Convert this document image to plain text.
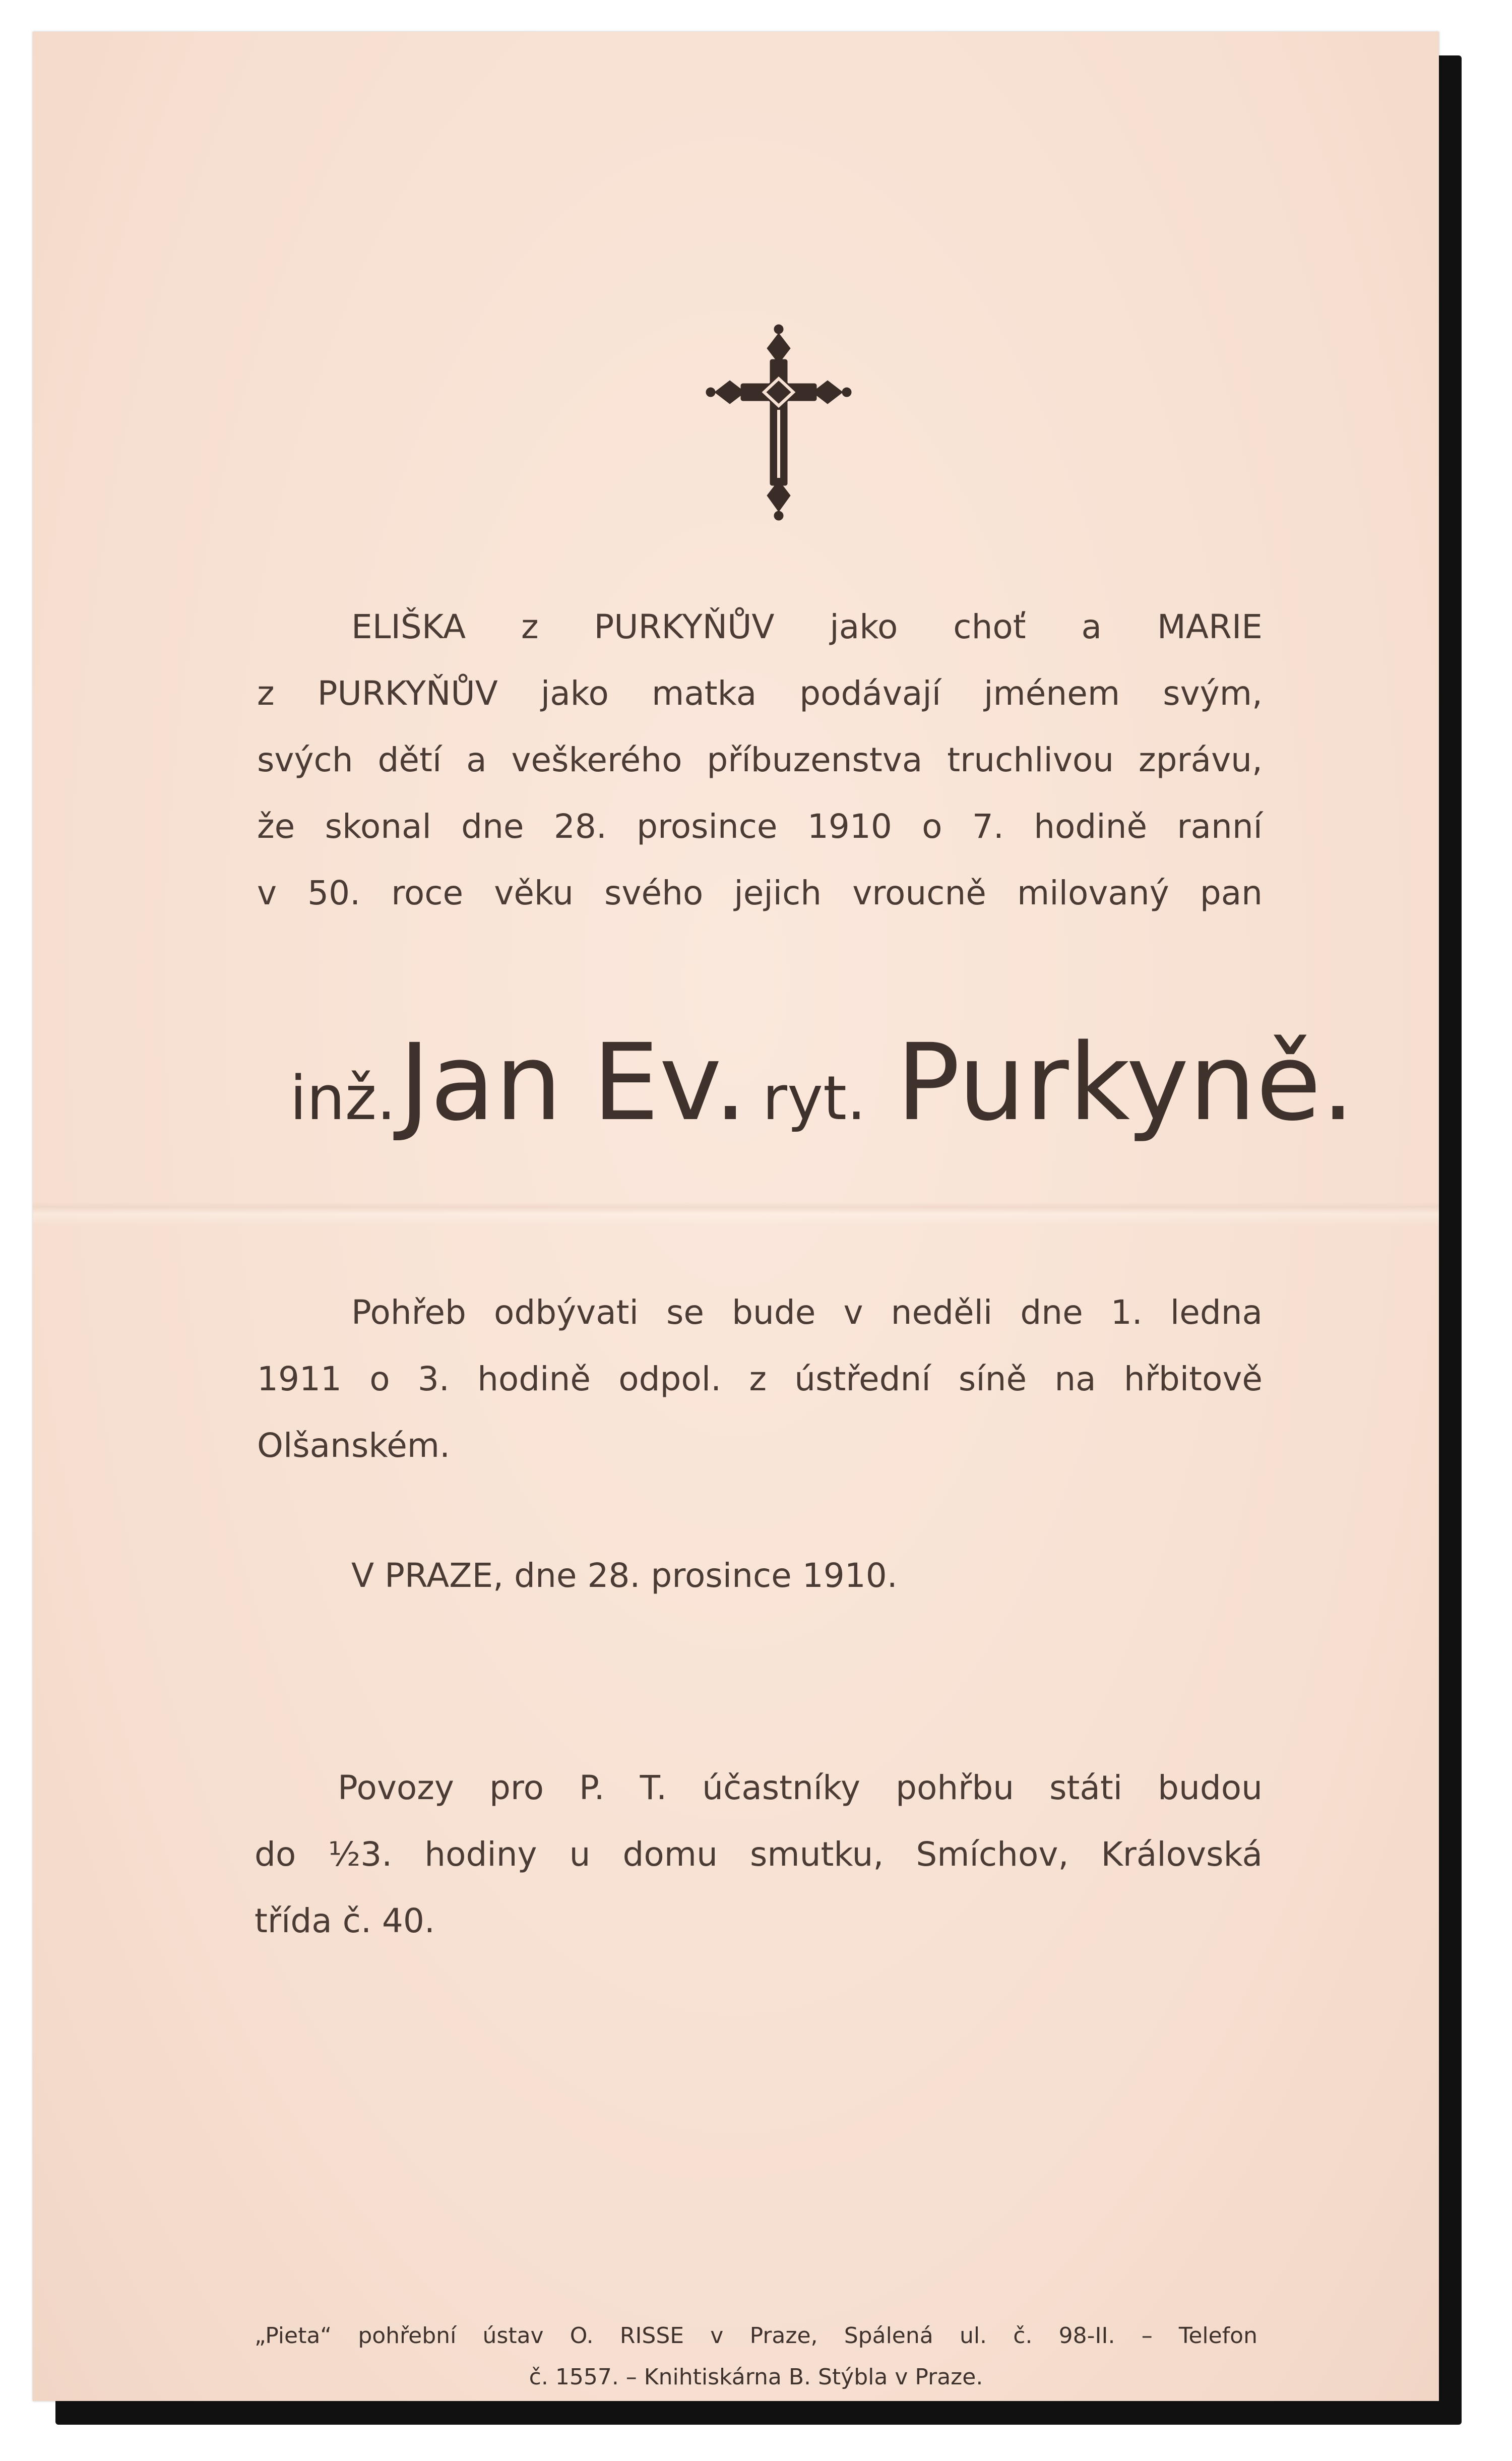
ELIŠKA z PURKYŇŮV jako choť a MARIE
z PURKYŇŮV jako matka podávají jménem svým,
svých dětí a veškerého příbuzenstva truchlivou zprávu,
že skonal dne 28. prosince 1910 o 7. hodině ranní
v 50. roce věku svého jejich vroucně milovaný pan
inž.Jan Ev. ryt. Purkyně.
Pohřeb odbývati se bude v neděli dne 1. ledna
1911 o 3. hodině odpol. z ústřední síně na hřbitově
Olšanském.
V PRAZE, dne 28. prosince 1910.
Povozy pro P. T. účastníky pohřbu státi budou
do ½3. hodiny u domu smutku, Smíchov, Královská
třída č. 40.
„Pieta“ pohřební ústav O. RISSE v Praze, Spálená ul. č. 98-II. – Telefon
č. 1557. – Knihtiskárna B. Stýbla v Praze.
